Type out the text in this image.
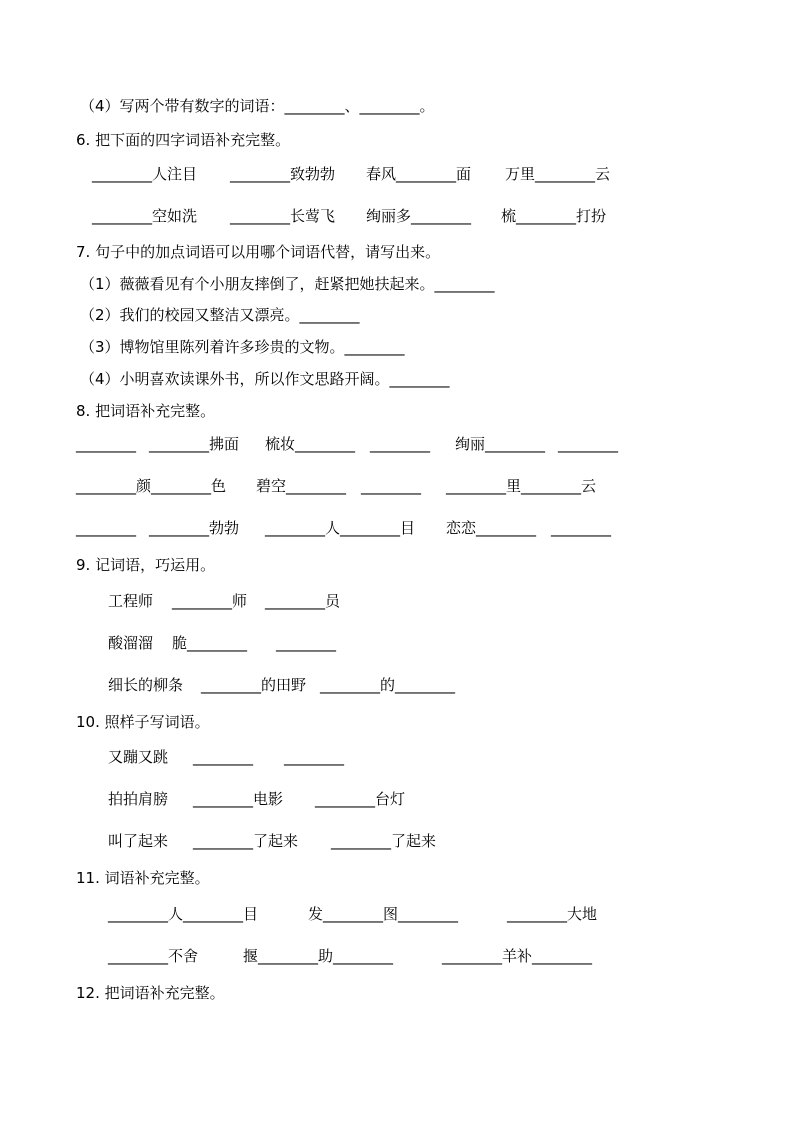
（4）写两个带有数字的词语：________、________。
6. 把下面的四字词语补充完整。
________人注目 ________致勃勃 春风________面 万里________云
________空如洗 ________长莺飞 绚丽多________ 梳________打扮
7. 句子中的加点词语可以用哪个词语代替，请写出来。
（1）薇薇看见有个小朋友摔倒了，赶紧把她扶起来。________
（2）我们的校园又整洁又漂亮。________
（3）博物馆里陈列着许多珍贵的文物。________
（4）小明喜欢读课外书，所以作文思路开阔。________
8. 把词语补充完整。
________ ________拂面 梳妆________ ________ 绚丽________ ________
________颜________色 碧空________ ________ ________里________云
________ ________勃勃 ________人________目 恋恋________ ________
9. 记词语，巧运用。
工程师 ________师 ________员
酸溜溜 脆________ ________
细长的柳条 ________的田野 ________的________
10. 照样子写词语。
又蹦又跳 ________ ________
拍拍肩膀 ________电影 ________台灯
叫了起来 ________了起来 ________了起来
11. 词语补充完整。
________人________目	发________图________	________大地
________不舍	揠________助________	________羊补________
12. 把词语补充完整。
